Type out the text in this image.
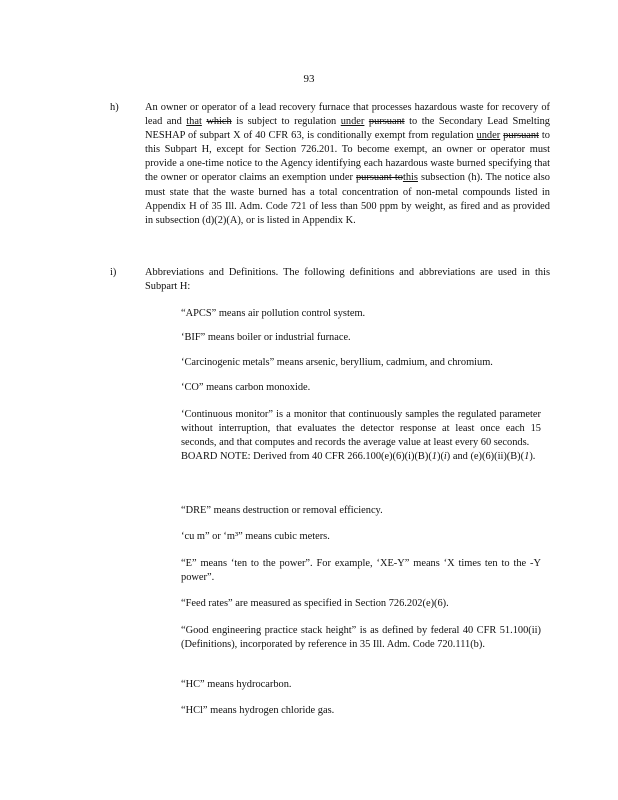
93
h)	An owner or operator of a lead recovery furnace that processes hazardous waste for recovery of lead and that which is subject to regulation under pursuant to the Secondary Lead Smelting NESHAP of subpart X of 40 CFR 63, is conditionally exempt from regulation under pursuant to this Subpart H, except for Section 726.201. To become exempt, an owner or operator must provide a one-time notice to the Agency identifying each hazardous waste burned specifying that the owner or operator claims an exemption under pursuant tothis subsection (h). The notice also must state that the waste burned has a total concentration of non-metal compounds listed in Appendix H of 35 Ill. Adm. Code 721 of less than 500 ppm by weight, as fired and as provided in subsection (d)(2)(A), or is listed in Appendix K.

i)	Abbreviations and Definitions. The following definitions and abbreviations are used in this Subpart H:

“APCS” means air pollution control system.

‘BIF” means boiler or industrial furnace.

‘Carcinogenic metals” means arsenic, beryllium, cadmium, and chromium.

‘CO” means carbon monoxide.

‘Continuous monitor” is a monitor that continuously samples the regulated parameter without interruption, that evaluates the detector response at least once each 15 seconds, and that computes and records the average value at least every 60 seconds.

BOARD NOTE: Derived from 40 CFR 266.100(e)(6)(i)(B)(1)(i) and (e)(6)(ii)(B)(1).

“DRE” means destruction or removal efficiency.

‘cu m” or ‘m³” means cubic meters.

“E” means ‘ten to the power”. For example, ‘XE-Y” means ‘X times ten to the -Y power”.

“Feed rates” are measured as specified in Section 726.202(e)(6).

“Good engineering practice stack height” is as defined by federal 40 CFR 51.100(ii) (Definitions), incorporated by reference in 35 Ill. Adm. Code 720.111(b).

“HC” means hydrocarbon.

“HCl” means hydrogen chloride gas.
